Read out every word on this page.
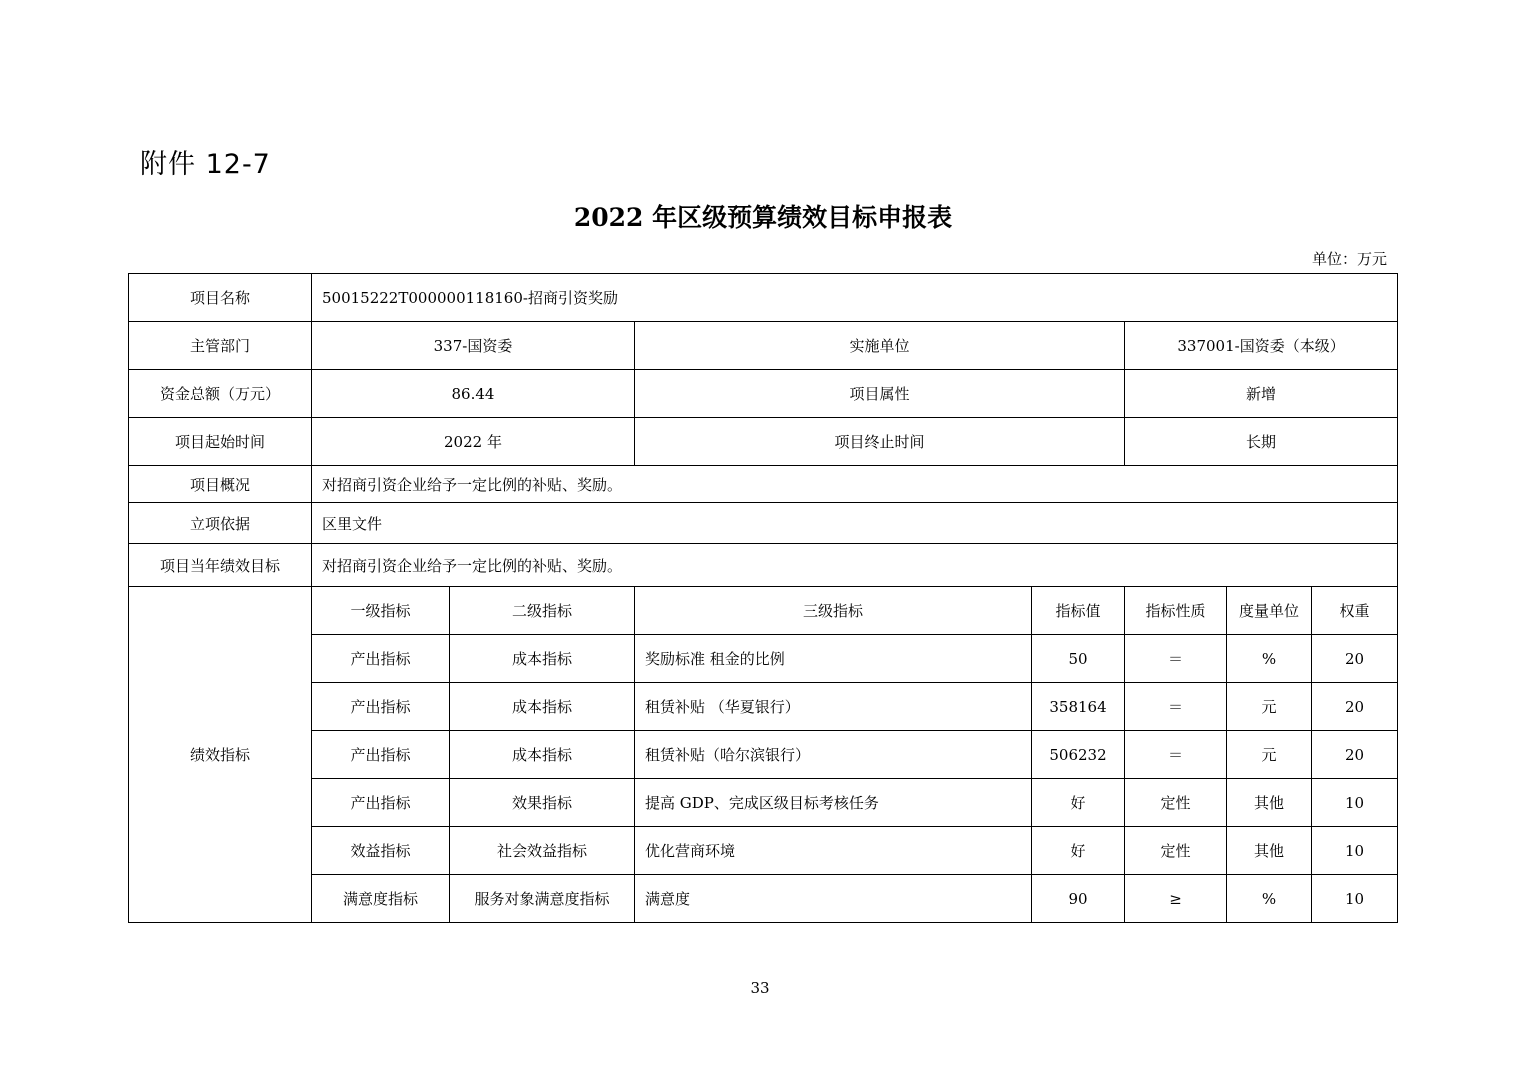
附件 12-7
2022 年区级预算绩效目标申报表
单位：万元
项目名称	50015222T000000118160-招商引资奖励						
主管部门	337-国资委		实施单位		337001-国资委（本级）		
资金总额（万元）	86.44		项目属性		新增		
项目起始时间	2022 年		项目终止时间		长期		
项目概况	对招商引资企业给予一定比例的补贴、奖励。						
立项依据	区里文件						
项目当年绩效目标	对招商引资企业给予一定比例的补贴、奖励。						
绩效指标	一级指标	二级指标	三级指标	指标值	指标性质	度量单位	权重
	产出指标	成本指标	奖励标准 租金的比例	50	＝	%	20
	产出指标	成本指标	租赁补贴 （华夏银行）	358164	＝	元	20
	产出指标	成本指标	租赁补贴（哈尔滨银行）	506232	＝	元	20
	产出指标	效果指标	提高 GDP、完成区级目标考核任务	好	定性	其他	10
	效益指标	社会效益指标	优化营商环境	好	定性	其他	10
	满意度指标	服务对象满意度指标	满意度	90	≥	%	10
33
